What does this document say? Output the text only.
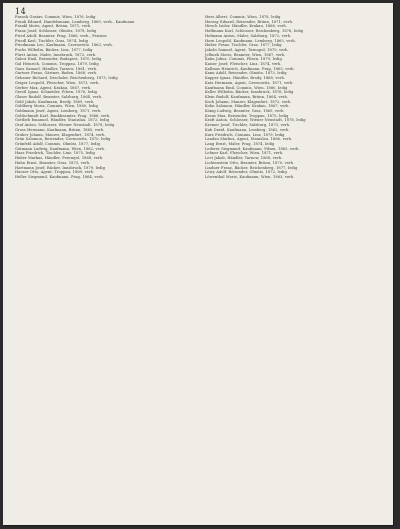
14

Franck Gustav, Commis, Wien, 1876, ledig

Frank Eduard, Handelsmann, Lemberg, 1869, verh., Kaufmann

Frankl Moriz, Agent, Brünn, 1871, verh.

Franz Josef, Schlosser, Olmütz, 1878, ledig

Fried Adolf, Beamter, Prag, 1866, verh., Pension

Friedl Karl, Tischler, Graz, 1874, ledig

Friedmann Leo, Kaufmann, Czernowitz, 1863, verh.

Fuchs Wilhelm, Bäcker, Linz, 1877, ledig

Fürst Anton, Maler, Innsbruck, 1872, verh.

Gabor Emil, Reisender, Budapest, 1870, ledig

Gal Heinrich, Commis, Troppau, 1879, ledig

Gans Samuel, Händler, Tarnow, 1861, verh.

Gartner Franz, Gärtner, Baden, 1868, verh.

Gebauer Richard, Drechsler, Reichenberg, 1875, ledig

Geiger Leopold, Fleischer, Wien, 1873, verh.

Gerber Max, Agent, Krakau, 1867, verh.

Gerstl Ignaz, Schneider, Pilsen, 1876, ledig

Glaser Rudolf, Beamter, Salzburg, 1864, verh.

Gold Jakob, Kaufmann, Brody, 1869, verh.

Goldberg Moriz, Commis, Wien, 1880, ledig

Goldmann Josef, Agent, Lemberg, 1871, verh.

Goldschmidt Karl, Bankbeamter, Prag, 1866, verh.

Gottlieb Emanuel, Händler, Stanislau, 1872, ledig

Graf Anton, Schlosser, Wiener Neustadt, 1878, ledig

Gross Hermann, Kaufmann, Brünn, 1865, verh.

Gruber Johann, Maurer, Klagenfurt, 1874, verh.

Grün Salomon, Reisender, Czernowitz, 1870, ledig

Grünfeld Adolf, Commis, Olmütz, 1877, ledig

Gutmann Ludwig, Kaufmann, Wien, 1862, verh.

Haas Friedrich, Tischler, Linz, 1875, ledig

Haber Markus, Händler, Przemysl, 1868, verh.

Hahn Ernst, Beamter, Graz, 1873, verh.

Hartmann Josef, Bäcker, Innsbruck, 1879, ledig

Hauser Otto, Agent, Troppau, 1869, verh.

Heller Siegmund, Kaufmann, Prag, 1864, verh.

Herz Albert, Commis, Wien, 1878, ledig

Herzog Eduard, Reisender, Brünn, 1871, verh.

Hirsch Isidor, Händler, Krakau, 1866, verh.

Hoffmann Karl, Schlosser, Reichenberg, 1876, ledig

Hofmann Anton, Maler, Salzburg, 1872, verh.

Horn Leopold, Kaufmann, Lemberg, 1863, verh.

Huber Franz, Tischler, Graz, 1877, ledig

Jakobi Samuel, Agent, Tarnopol, 1870, verh.

Jellinek Moriz, Beamter, Wien, 1867, verh.

Kahn Julius, Commis, Pilsen, 1879, ledig

Kaiser Josef, Fleischer, Linz, 1874, verh.

Kallmus Heinrich, Kaufmann, Prag, 1865, verh.

Kann Adolf, Reisender, Olmütz, 1873, ledig

Kapper Ignaz, Händler, Brody, 1868, verh.

Katz Hermann, Agent, Czernowitz, 1871, verh.

Kaufmann Emil, Commis, Wien, 1880, ledig

Keller Wilhelm, Bäcker, Innsbruck, 1876, ledig

Klein Rudolf, Kaufmann, Brünn, 1864, verh.

Koch Johann, Maurer, Klagenfurt, 1872, verh.

Kohn Salomon, Händler, Krakau, 1867, verh.

König Ludwig, Beamter, Graz, 1869, verh.

Kraus Max, Reisender, Troppau, 1875, ledig

Kraft Anton, Schlosser, Wiener Neustadt, 1878, ledig

Kremer Josef, Tischler, Salzburg, 1873, verh.

Kuh David, Kaufmann, Lemberg, 1862, verh.

Kurz Friedrich, Commis, Linz, 1879, ledig

Landau Markus, Agent, Stanislau, 1866, verh.

Lang Ernst, Maler, Prag, 1874, ledig

Lederer Siegmund, Kaufmann, Pilsen, 1865, verh.

Lehner Karl, Fleischer, Wien, 1871, verh.

Levi Jakob, Händler, Tarnow, 1868, verh.

Lichtenstein Otto, Beamter, Brünn, 1870, verh.

Lindner Franz, Bäcker, Reichenberg, 1877, ledig

Löwy Adolf, Reisender, Olmütz, 1872, ledig

Löwenthal Moriz, Kaufmann, Wien, 1863, verh.
